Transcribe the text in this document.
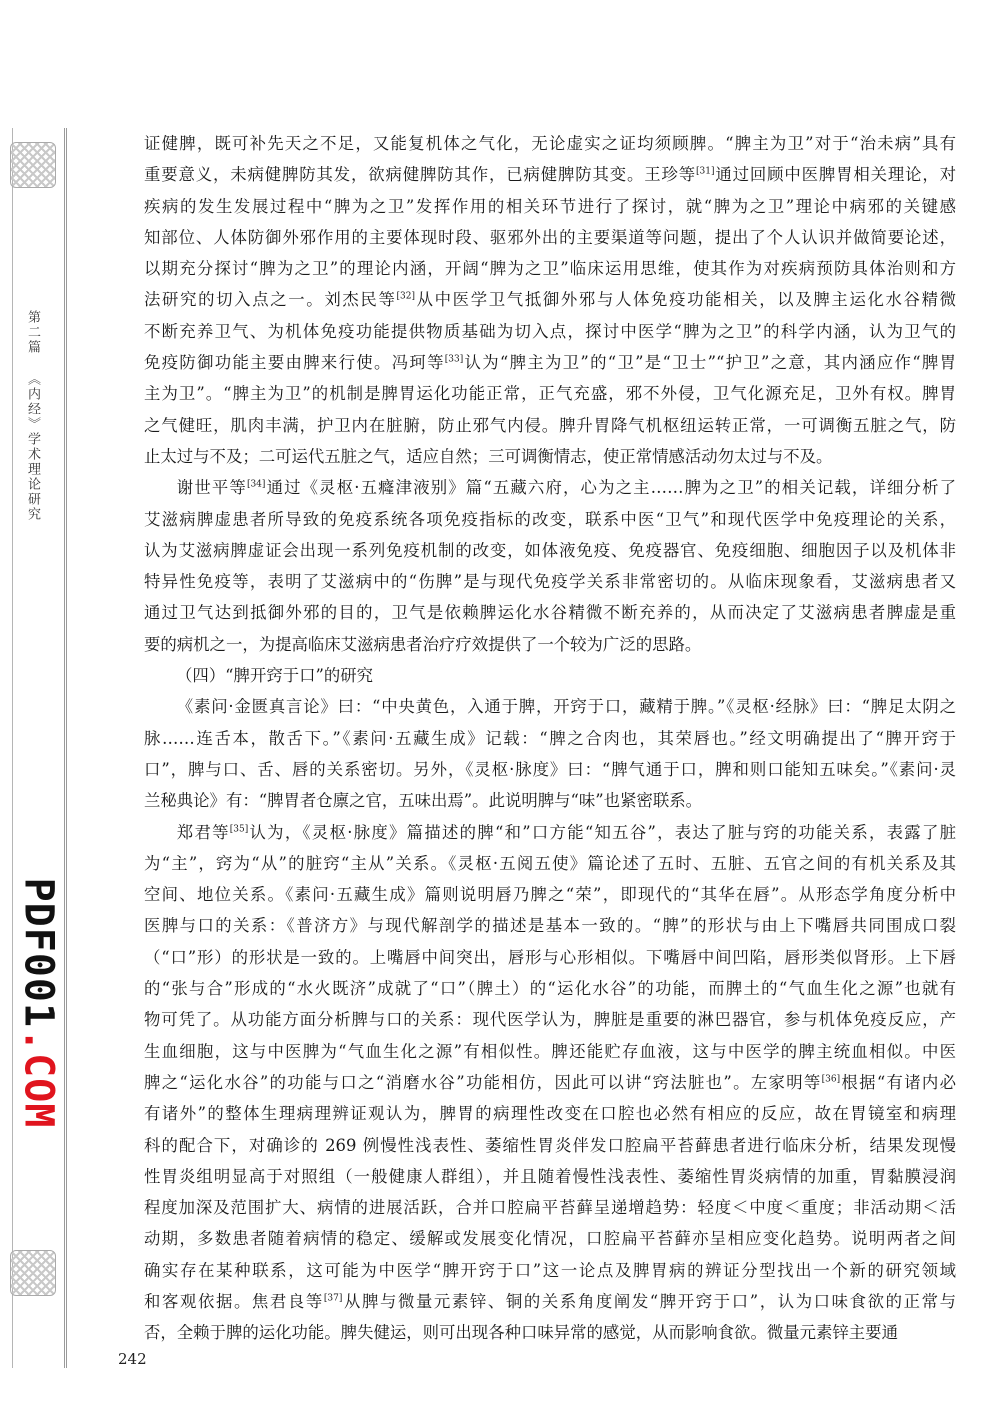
第二篇 《内经》学术理论研究
PDF001.COM
证健脾，既可补先天之不足，又能复机体之气化，无论虚实之证均须顾脾。“脾主为卫”对于“治未病”具有
重要意义，未病健脾防其发，欲病健脾防其作，已病健脾防其变。王珍等[31]通过回顾中医脾胃相关理论，对
疾病的发生发展过程中“脾为之卫”发挥作用的相关环节进行了探讨，就“脾为之卫”理论中病邪的关键感
知部位、人体防御外邪作用的主要体现时段、驱邪外出的主要渠道等问题，提出了个人认识并做简要论述，
以期充分探讨“脾为之卫”的理论内涵，开阔“脾为之卫”临床运用思维，使其作为对疾病预防具体治则和方
法研究的切入点之一。刘杰民等[32]从中医学卫气抵御外邪与人体免疫功能相关，以及脾主运化水谷精微
不断充养卫气、为机体免疫功能提供物质基础为切入点，探讨中医学“脾为之卫”的科学内涵，认为卫气的
免疫防御功能主要由脾来行使。冯珂等[33]认为“脾主为卫”的“卫”是“卫士”“护卫”之意，其内涵应作“脾胃
主为卫”。“脾主为卫”的机制是脾胃运化功能正常，正气充盛，邪不外侵，卫气化源充足，卫外有权。脾胃
之气健旺，肌肉丰满，护卫内在脏腑，防止邪气内侵。脾升胃降气机枢纽运转正常，一可调衡五脏之气，防
止太过与不及；二可运代五脏之气，适应自然；三可调衡情志，使正常情感活动勿太过与不及。
谢世平等[34]通过《灵枢·五癃津液别》篇“五藏六府，心为之主……脾为之卫”的相关记载，详细分析了
艾滋病脾虚患者所导致的免疫系统各项免疫指标的改变，联系中医“卫气”和现代医学中免疫理论的关系，
认为艾滋病脾虚证会出现一系列免疫机制的改变，如体液免疫、免疫器官、免疫细胞、细胞因子以及机体非
特异性免疫等，表明了艾滋病中的“伤脾”是与现代免疫学关系非常密切的。从临床现象看，艾滋病患者又
通过卫气达到抵御外邪的目的，卫气是依赖脾运化水谷精微不断充养的，从而决定了艾滋病患者脾虚是重
要的病机之一，为提高临床艾滋病患者治疗疗效提供了一个较为广泛的思路。
（四）“脾开窍于口”的研究
《素问·金匮真言论》曰：“中央黄色，入通于脾，开窍于口，藏精于脾。”《灵枢·经脉》曰：“脾足太阴之
脉……连舌本，散舌下。”《素问·五藏生成》记载：“脾之合肉也，其荣唇也。”经文明确提出了“脾开窍于
口”，脾与口、舌、唇的关系密切。另外，《灵枢·脉度》曰：“脾气通于口，脾和则口能知五味矣。”《素问·灵
兰秘典论》有：“脾胃者仓廪之官，五味出焉”。此说明脾与“味”也紧密联系。
郑君等[35]认为，《灵枢·脉度》篇描述的脾“和”口方能“知五谷”，表达了脏与窍的功能关系，表露了脏
为“主”，窍为“从”的脏窍“主从”关系。《灵枢·五阅五使》篇论述了五时、五脏、五官之间的有机关系及其
空间、地位关系。《素问·五藏生成》篇则说明唇乃脾之“荣”，即现代的“其华在唇”。从形态学角度分析中
医脾与口的关系：《普济方》与现代解剖学的描述是基本一致的。“脾”的形状与由上下嘴唇共同围成口裂
（“口”形）的形状是一致的。上嘴唇中间突出，唇形与心形相似。下嘴唇中间凹陷，唇形类似肾形。上下唇
的“张与合”形成的“水火既济”成就了“口”（脾土）的“运化水谷”的功能，而脾土的“气血生化之源”也就有
物可凭了。从功能方面分析脾与口的关系：现代医学认为，脾脏是重要的淋巴器官，参与机体免疫反应，产
生血细胞，这与中医脾为“气血生化之源”有相似性。脾还能贮存血液，这与中医学的脾主统血相似。中医
脾之“运化水谷”的功能与口之“消磨水谷”功能相仿，因此可以讲“窍法脏也”。左家明等[36]根据“有诸内必
有诸外”的整体生理病理辨证观认为，脾胃的病理性改变在口腔也必然有相应的反应，故在胃镜室和病理
科的配合下，对确诊的 269 例慢性浅表性、萎缩性胃炎伴发口腔扁平苔藓患者进行临床分析，结果发现慢
性胃炎组明显高于对照组（一般健康人群组），并且随着慢性浅表性、萎缩性胃炎病情的加重，胃黏膜浸润
程度加深及范围扩大、病情的进展活跃，合并口腔扁平苔藓呈递增趋势：轻度＜中度＜重度；非活动期＜活
动期，多数患者随着病情的稳定、缓解或发展变化情况，口腔扁平苔藓亦呈相应变化趋势。说明两者之间
确实存在某种联系，这可能为中医学“脾开窍于口”这一论点及脾胃病的辨证分型找出一个新的研究领域
和客观依据。焦君良等[37]从脾与微量元素锌、铜的关系角度阐发“脾开窍于口”，认为口味食欲的正常与
否，全赖于脾的运化功能。脾失健运，则可出现各种口味异常的感觉，从而影响食欲。微量元素锌主要通
242
